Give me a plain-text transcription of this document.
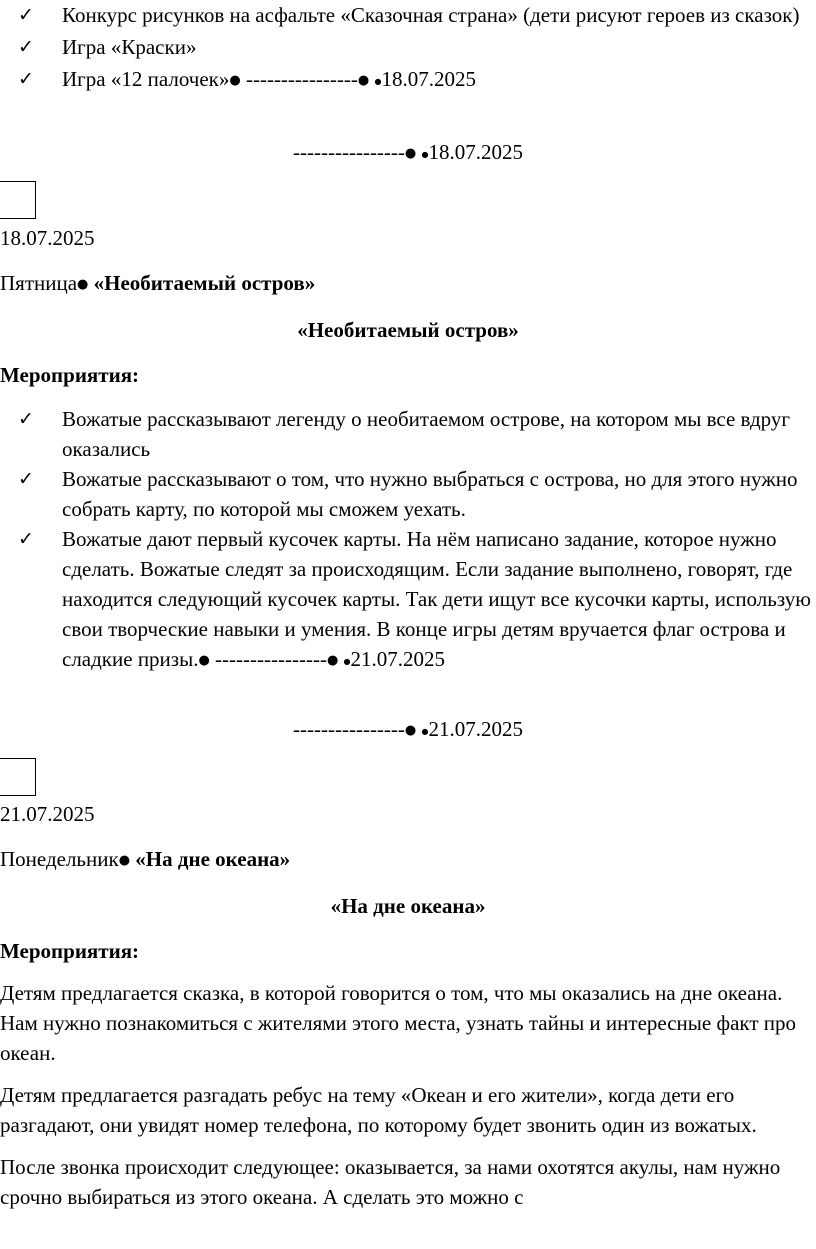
✓ Конкурс рисунков на асфальте «Сказочная страна» (дети рисуют героев из сказок)
✓ Игра «Краски»
✓ Игра «12 палочек»● ----------------● ●18.07.2025
----------------● ●18.07.2025

18.07.2025

Пятница● «Необитаемый остров»

«Необитаемый остров»

Мероприятия:

✓ Вожатые рассказывают легенду о необитаемом острове, на котором мы все вдруг оказались
✓ Вожатые рассказывают о том, что нужно выбраться с острова, но для этого нужно собрать карту, по которой мы сможем уехать.
✓ Вожатые дают первый кусочек карты. На нём написано задание, которое нужно сделать. Вожатые следят за происходящим. Если задание выполнено, говорят, где находится следующий кусочек карты. Так дети ищут все кусочки карты, использую свои творческие навыки и умения. В конце игры детям вручается флаг острова и сладкие призы.● ----------------● ●21.07.2025
----------------● ●21.07.2025

21.07.2025

Понедельник● «На дне океана»

«На дне океана»

Мероприятия:

Детям предлагается сказка, в которой говорится о том, что мы оказались на дне океана. Нам нужно познакомиться с жителями этого места, узнать тайны и интересные факт про океан.

Детям предлагается разгадать ребус на тему «Океан и его жители», когда дети его разгадают, они увидят номер телефона, по которому будет звонить один из вожатых.

После звонка происходит следующее: оказывается, за нами охотятся акулы, нам нужно срочно выбираться из этого океана. А сделать это можно с
